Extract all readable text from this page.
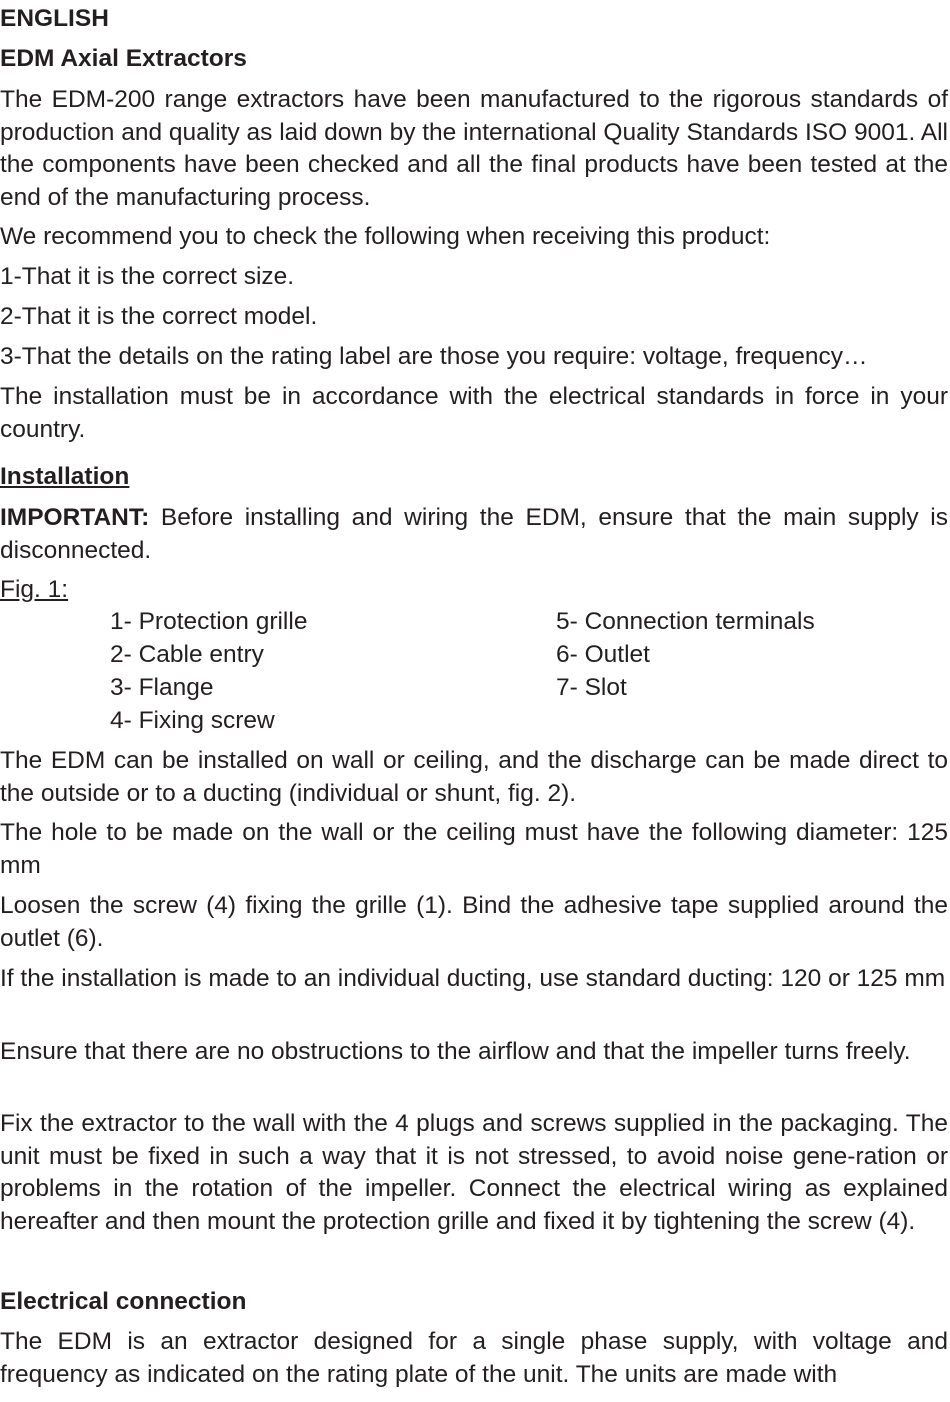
ENGLISH

EDM Axial Extractors

The EDM-200 range extractors have been manufactured to the rigorous standards of production and quality as laid down by the international Quality Standards ISO 9001. All the components have been checked and all the final products have been tested at the end of the manufacturing process.

We recommend you to check the following when receiving this product:

1-That it is the correct size.

2-That it is the correct model.

3-That the details on the rating label are those you require: voltage, frequency…

The installation must be in accordance with the electrical standards in force in your country.

Installation

IMPORTANT: Before installing and wiring the EDM, ensure that the main supply is disconnected.

Fig. 1:

1- Protection grille
2- Cable entry
3- Flange
4- Fixing screw
5- Connection terminals
6- Outlet
7- Slot

The EDM can be installed on wall or ceiling, and the discharge can be made direct to the outside or to a ducting (individual or shunt, fig. 2).

The hole to be made on the wall or the ceiling must have the following diameter: 125 mm

Loosen the screw (4) fixing the grille (1). Bind the adhesive tape supplied around the outlet (6).

If the installation is made to an individual ducting, use standard ducting: 120 or 125 mm

Ensure that there are no obstructions to the airflow and that the impeller turns freely.

Fix the extractor to the wall with the 4 plugs and screws supplied in the packaging. The unit must be fixed in such a way that it is not stressed, to avoid noise gene-ration or problems in the rotation of the impeller. Connect the electrical wiring as explained hereafter and then mount the protection grille and fixed it by tightening the screw (4).

Electrical connection

The EDM is an extractor designed for a single phase supply, with voltage and frequency as indicated on the rating plate of the unit. The units are made with
